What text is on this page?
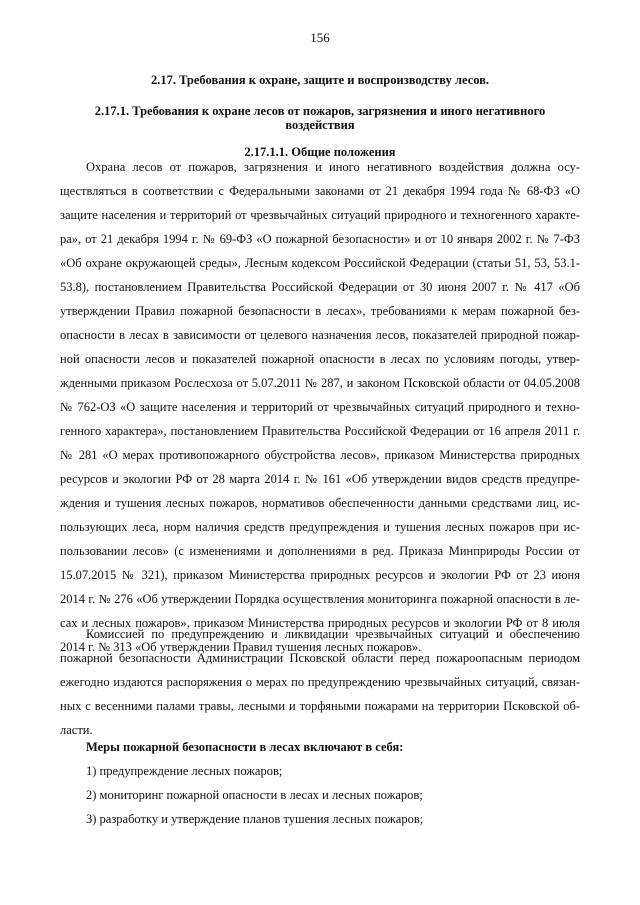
156
2.17. Требования к охране, защите и воспроизводству лесов.
2.17.1. Требования к охране лесов от пожаров, загрязнения и иного негативного
воздействия
2.17.1.1. Общие положения
Охрана лесов от пожаров, загрязнения и иного негативного воздействия должна осу-
ществляться в соответствии с Федеральными законами от 21 декабря 1994 года № 68-ФЗ «О
защите населения и территорий от чрезвычайных ситуаций природного и техногенного характе-
ра», от 21 декабря 1994 г. № 69-ФЗ «О пожарной безопасности» и от 10 января 2002 г. № 7-ФЗ
«Об охране окружающей среды», Лесным кодексом Российской Федерации (статьи 51, 53, 53.1-
53.8), постановлением Правительства Российской Федерации от 30 июня 2007 г. № 417 «Об
утверждении Правил пожарной безопасности в лесах», требованиями к мерам пожарной без-
опасности в лесах в зависимости от целевого назначения лесов, показателей природной пожар-
ной опасности лесов и показателей пожарной опасности в лесах по условиям погоды, утвер-
жденными приказом Рослесхоза от 5.07.2011 № 287, и законом Псковской области от 04.05.2008
№ 762-ОЗ «О защите населения и территорий от чрезвычайных ситуаций природного и техно-
генного характера», постановлением Правительства Российской Федерации от 16 апреля 2011 г.
№ 281 «О мерах противопожарного обустройства лесов», приказом Министерства природных
ресурсов и экологии РФ от 28 марта 2014 г. № 161 «Об утверждении видов средств предупре-
ждения и тушения лесных пожаров, нормативов обеспеченности данными средствами лиц, ис-
пользующих леса, норм наличия средств предупреждения и тушения лесных пожаров при ис-
пользовании лесов» (с изменениями и дополнениями в ред. Приказа Минприроды России от
15.07.2015 № 321), приказом Министерства природных ресурсов и экологии РФ от 23 июня
2014 г. № 276 «Об утверждении Порядка осуществления мониторинга пожарной опасности в ле-
сах и лесных пожаров», приказом Министерства природных ресурсов и экологии РФ от 8 июля
2014 г. № 313 «Об утверждении Правил тушения лесных пожаров».
Комиссией по предупреждению и ликвидации чрезвычайных ситуаций и обеспечению
пожарной безопасности Администрации Псковской области перед пожароопасным периодом
ежегодно издаются распоряжения о мерах по предупреждению чрезвычайных ситуаций, связан-
ных с весенними палами травы, лесными и торфяными пожарами на территории Псковской об-
ласти.
Меры пожарной безопасности в лесах включают в себя:
1) предупреждение лесных пожаров;
2) мониторинг пожарной опасности в лесах и лесных пожаров;
3) разработку и утверждение планов тушения лесных пожаров;
